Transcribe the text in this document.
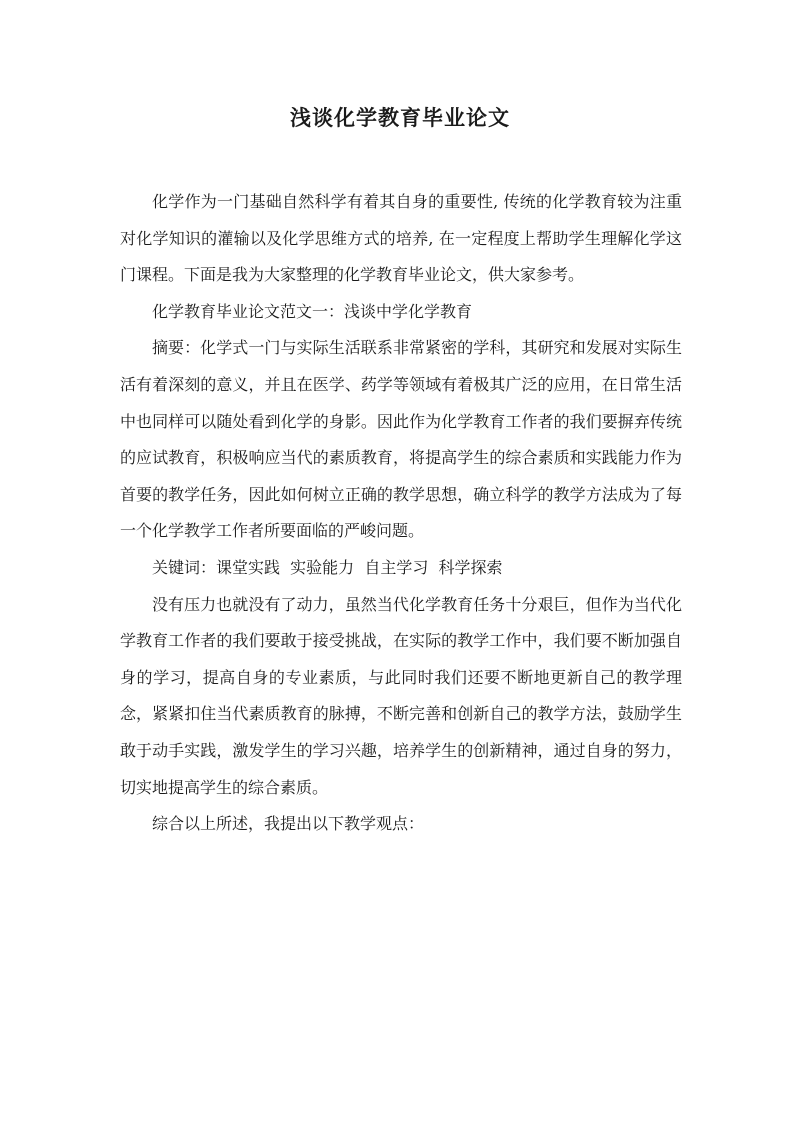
浅谈化学教育毕业论文

化学作为一门基础自然科学有着其自身的重要性, 传统的化学教育较为注重对化学知识的灌输以及化学思维方式的培养, 在一定程度上帮助学生理解化学这门课程。下面是我为大家整理的化学教育毕业论文，供大家参考。

化学教育毕业论文范文一：浅谈中学化学教育

摘要：化学式一门与实际生活联系非常紧密的学科，其研究和发展对实际生活有着深刻的意义，并且在医学、药学等领域有着极其广泛的应用，在日常生活中也同样可以随处看到化学的身影。因此作为化学教育工作者的我们要摒弃传统的应试教育，积极响应当代的素质教育，将提高学生的综合素质和实践能力作为首要的教学任务，因此如何树立正确的教学思想，确立科学的教学方法成为了每一个化学教学工作者所要面临的严峻问题。

关键词：课堂实践  实验能力  自主学习  科学探索

没有压力也就没有了动力，虽然当代化学教育任务十分艰巨，但作为当代化学教育工作者的我们要敢于接受挑战，在实际的教学工作中，我们要不断加强自身的学习，提高自身的专业素质，与此同时我们还要不断地更新自己的教学理念，紧紧扣住当代素质教育的脉搏，不断完善和创新自己的教学方法，鼓励学生敢于动手实践，激发学生的学习兴趣，培养学生的创新精神，通过自身的努力，切实地提高学生的综合素质。

综合以上所述，我提出以下教学观点：
